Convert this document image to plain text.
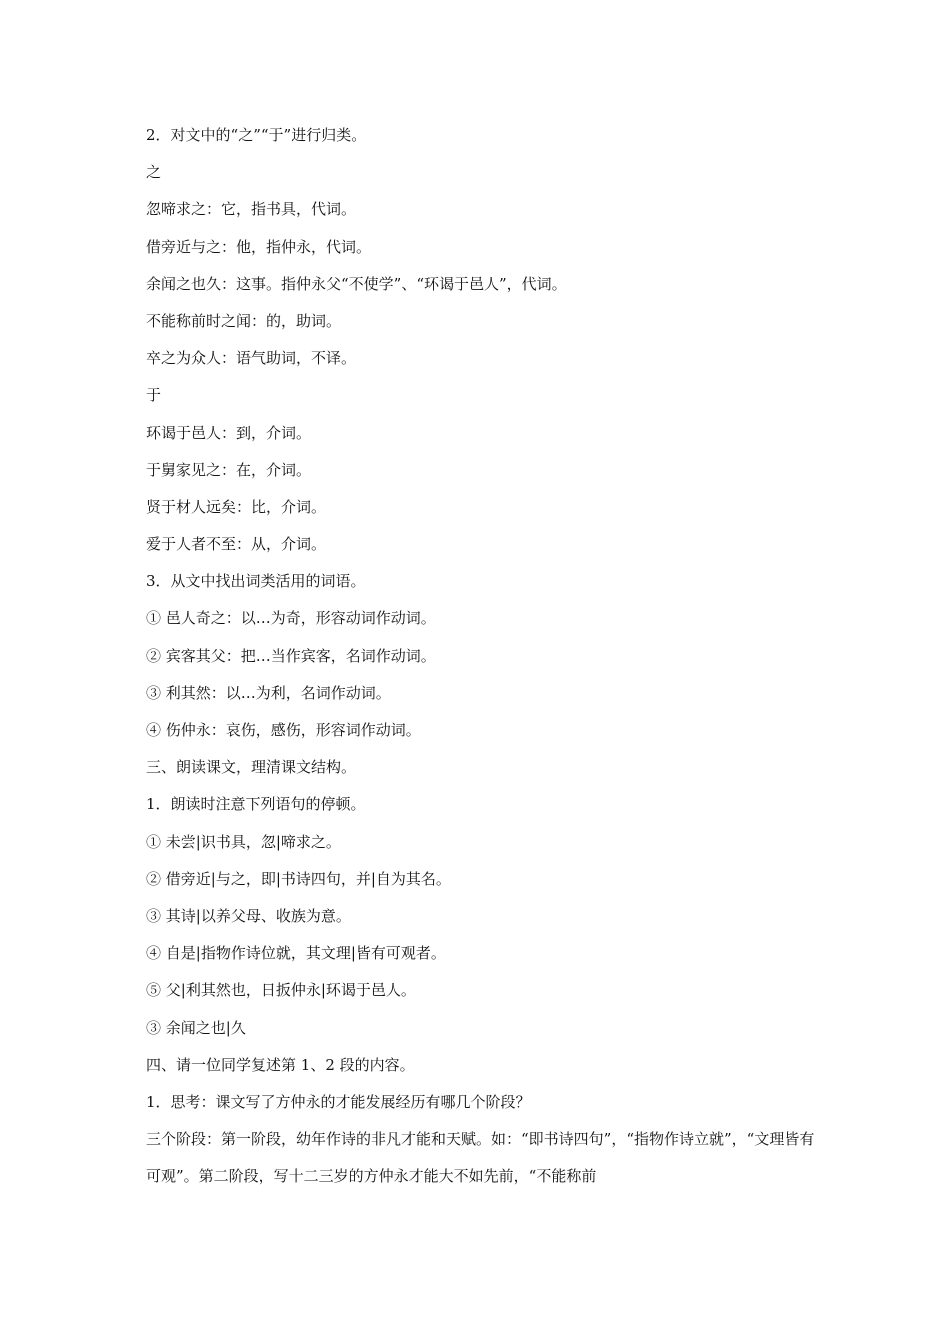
2．对文中的“之”“于”进行归类。
之
忽啼求之：它，指书具，代词。
借旁近与之：他，指仲永，代词。
余闻之也久：这事。指仲永父“不使学”、“环谒于邑人”，代词。
不能称前时之闻：的，助词。
卒之为众人：语气助词，不译。
于
环谒于邑人：到，介词。
于舅家见之：在，介词。
贤于材人远矣：比，介词。
爱于人者不至：从，介词。
3．从文中找出词类活用的词语。
① 邑人奇之：以…为奇，形容动词作动词。
② 宾客其父：把…当作宾客，名词作动词。
③ 利其然：以…为利，名词作动词。
④ 伤仲永：哀伤，感伤，形容词作动词。
三、朗读课文，理清课文结构。
1．朗读时注意下列语句的停顿。
① 未尝|识书具，忽|啼求之。
② 借旁近|与之，即|书诗四句，并|自为其名。
③ 其诗|以养父母、收族为意。
④ 自是|指物作诗位就，其文理|皆有可观者。
⑤ 父|利其然也，日扳仲永|环谒于邑人。
③ 余闻之也|久
四、请一位同学复述第 1、2 段的内容。
1．思考：课文写了方仲永的才能发展经历有哪几个阶段？
三个阶段：第一阶段，幼年作诗的非凡才能和天赋。如：“即书诗四句”，“指物作诗立就”，“文理皆有可观”。第二阶段，写十二三岁的方仲永才能大不如先前，“不能称前
